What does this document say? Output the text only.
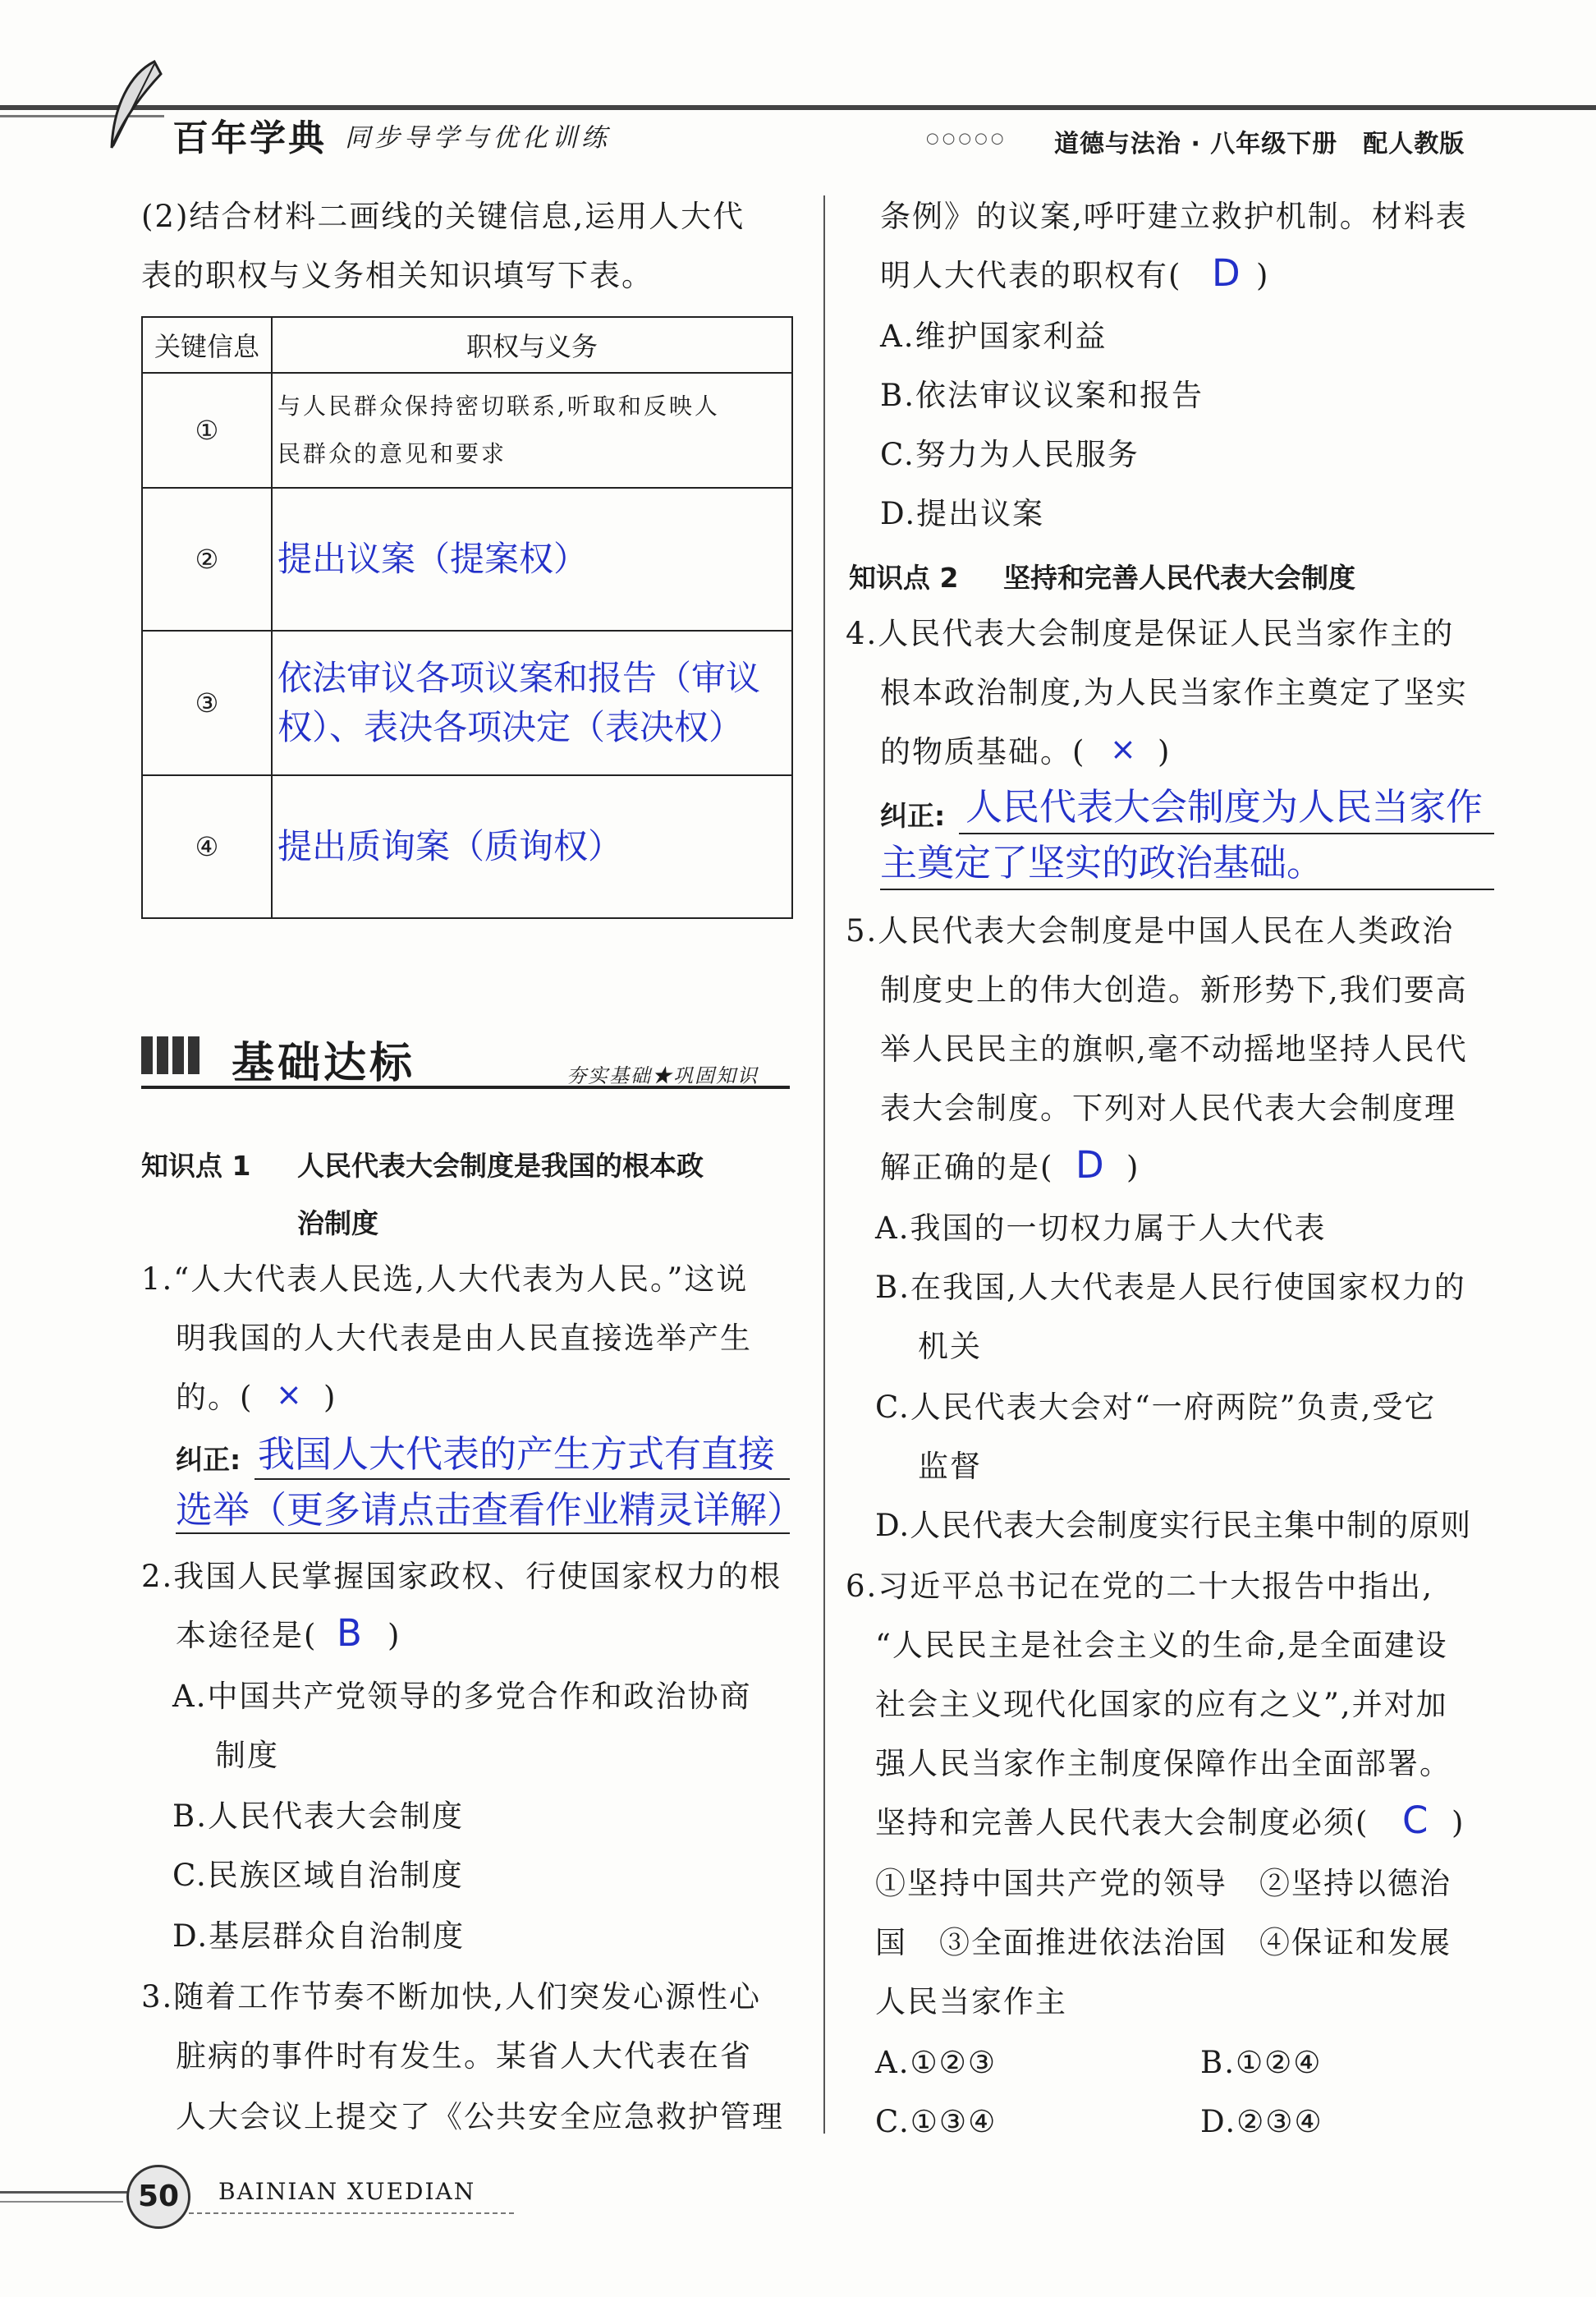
百年学典 同步导学与优化训练	○○○○○ 道德与法治 · 八年级下册　配人教版
(2)结合材料二画线的关键信息,运用人大代
表的职权与义务相关知识填写下表。
关键信息	职权与义务
①	与人民群众保持密切联系,听取和反映人
民群众的意见和要求

②	提出议案（提案权）

③	依法审议各项议案和报告（审议
权）、表决各项决定（表决权）

④	提出质询案（质询权）
基础达标	夯实基础★巩固知识
知识点 1 人民代表大会制度是我国的根本政
治制度
1.“人大代表人民选,人大代表为人民。”这说
明我国的人大代表是由人民直接选举产生
的。( × )
纠正: 我国人大代表的产生方式有直接
选举（更多请点击查看作业精灵详解）
2.我国人民掌握国家政权、行使国家权力的根
本途径是( B )
A.中国共产党领导的多党合作和政治协商
制度
B.人民代表大会制度
C.民族区域自治制度
D.基层群众自治制度
3.随着工作节奏不断加快,人们突发心源性心
脏病的事件时有发生。某省人大代表在省
人大会议上提交了《公共安全应急救护管理
条例》的议案,呼吁建立救护机制。材料表
明人大代表的职权有( D )
A.维护国家利益
B.依法审议议案和报告
C.努力为人民服务
D.提出议案
知识点 2 坚持和完善人民代表大会制度
4.人民代表大会制度是保证人民当家作主的
根本政治制度,为人民当家作主奠定了坚实
的物质基础。( × )
纠正: 人民代表大会制度为人民当家作
主奠定了坚实的政治基础。
5.人民代表大会制度是中国人民在人类政治
制度史上的伟大创造。新形势下,我们要高
举人民民主的旗帜,毫不动摇地坚持人民代
表大会制度。下列对人民代表大会制度理
解正确的是( D )
A.我国的一切权力属于人大代表
B.在我国,人大代表是人民行使国家权力的
机关
C.人民代表大会对“一府两院”负责,受它
监督
D.人民代表大会制度实行民主集中制的原则
6.习近平总书记在党的二十大报告中指出,
“人民民主是社会主义的生命,是全面建设
社会主义现代化国家的应有之义”,并对加
强人民当家作主制度保障作出全面部署。
坚持和完善人民代表大会制度必须( C )
①坚持中国共产党的领导　②坚持以德治
国　③全面推进依法治国　④保证和发展
人民当家作主
A.①②③	B.①②④
C.①③④	D.②③④
50	BAINIAN XUEDIAN
